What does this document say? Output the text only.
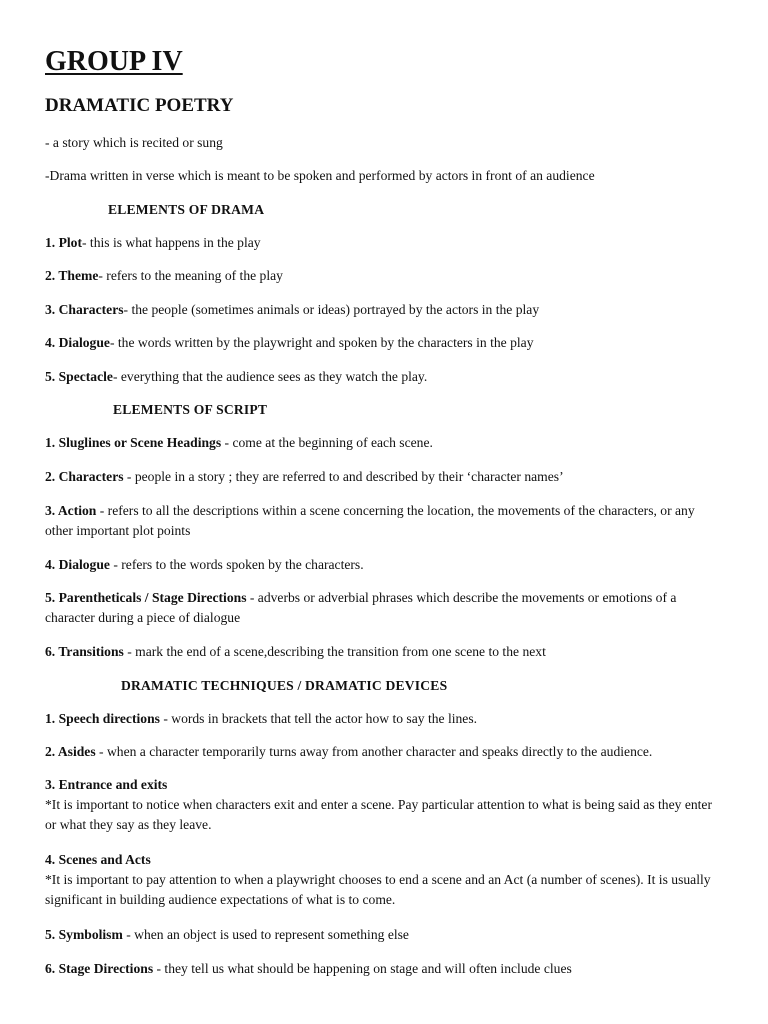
GROUP IV
DRAMATIC POETRY
- a story which is recited or sung
-Drama written in verse which is meant to be spoken and performed by actors in front of an audience
ELEMENTS OF DRAMA
1. Plot- this is what happens in the play
2. Theme- refers to the meaning of the play
3. Characters- the people (sometimes animals or ideas) portrayed by the actors in the play
4. Dialogue- the words written by the playwright and spoken by the characters in the play
5. Spectacle- everything that the audience sees as they watch the play.
ELEMENTS OF SCRIPT
1. Sluglines or Scene Headings - come at the beginning of each scene.
2. Characters - people in a story ; they are referred to and described by their ‘character names’

3. Action - refers to all the descriptions within a scene concerning the location, the movements of the characters, or any other important plot points

4. Dialogue - refers to the words spoken by the characters.

5. Parentheticals / Stage Directions - adverbs or adverbial phrases which describe the movements or emotions of a character during a piece of dialogue

6. Transitions - mark the end of a scene,describing the transition from one scene to the next
DRAMATIC TECHNIQUES / DRAMATIC DEVICES
1. Speech directions - words in brackets that tell the actor how to say the lines.
2. Asides - when a character temporarily turns away from another character and speaks directly to the audience.

3. Entrance and exits

*It is important to notice when characters exit and enter a scene. Pay particular attention to what is being said as they enter or what they say as they leave.

4. Scenes and Acts

*It is important to pay attention to when a playwright chooses to end a scene and an Act (a number of scenes). It is usually significant in building audience expectations of what is to come.

5. Symbolism - when an object is used to represent something else
6. Stage Directions - they tell us what should be happening on stage and will often include clues
